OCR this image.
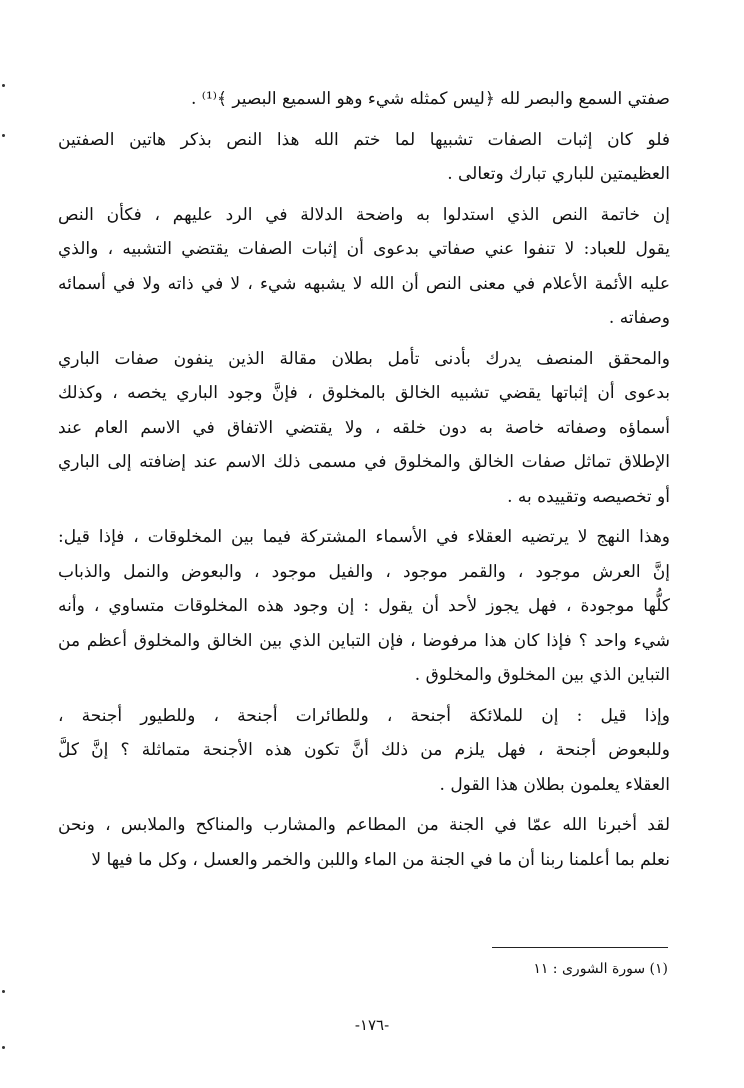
صفتي السمع والبصر لله ﴿ليس كمثله شيء وهو السميع البصير ﴾⁽¹⁾ .

فلو كان إثبات الصفات تشبيها لما ختم الله هذا النص بذكر هاتين الصفتين
العظيمتين للباري تبارك وتعالى .

إن خاتمة النص الذي استدلوا به واضحة الدلالة في الرد عليهم ، فكأن النص
يقول للعباد: لا تنفوا عني صفاتي بدعوى أن إثبات الصفات يقتضي التشبيه ، والذي
عليه الأئمة الأعلام في معنى النص أن الله لا يشبهه شيء ، لا في ذاته ولا في أسمائه
وصفاته .

والمحقق المنصف يدرك بأدنى تأمل بطلان مقالة الذين ينفون صفات الباري
بدعوى أن إثباتها يقضي تشبيه الخالق بالمخلوق ، فإنَّ وجود الباري يخصه ، وكذلك
أسماؤه وصفاته خاصة به دون خلقه ، ولا يقتضي الاتفاق في الاسم العام عند
الإطلاق تماثل صفات الخالق والمخلوق في مسمى ذلك الاسم عند إضافته إلى الباري
أو تخصيصه وتقييده به .

وهذا النهج لا يرتضيه العقلاء في الأسماء المشتركة فيما بين المخلوقات ، فإذا قيل:
إنَّ العرش موجود ، والقمر موجود ، والفيل موجود ، والبعوض والنمل والذباب
كلُّها موجودة ، فهل يجوز لأحد أن يقول : إن وجود هذه المخلوقات متساوي ، وأنه
شيء واحد ؟ فإذا كان هذا مرفوضا ، فإن التباين الذي بين الخالق والمخلوق أعظم من
التباين الذي بين المخلوق والمخلوق .

وإذا قيل : إن للملائكة أجنحة ، وللطائرات أجنحة ، وللطيور أجنحة ،
وللبعوض أجنحة ، فهل يلزم من ذلك أنَّ تكون هذه الأجنحة متماثلة ؟ إنَّ كلَّ
العقلاء يعلمون بطلان هذا القول .

لقد أخبرنا الله عمّا في الجنة من المطاعم والمشارب والمناكح والملابس ، ونحن
نعلم بما أعلمنا ربنا أن ما في الجنة من الماء واللبن والخمر والعسل ، وكل ما فيها لا

(١) سورة الشورى : ١١
-١٧٦-
